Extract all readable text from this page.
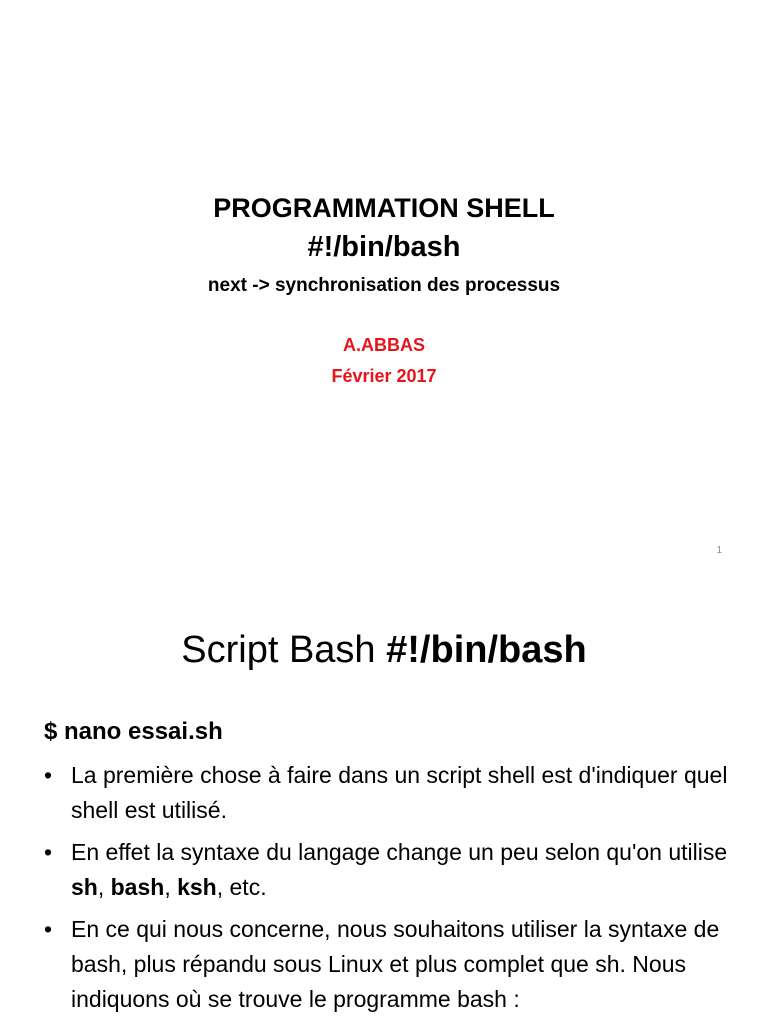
PROGRAMMATION SHELL
#!/bin/bash
next -> synchronisation des processus
A.ABBAS
Février 2017
1
Script Bash #!/bin/bash
$ nano essai.sh
• La première chose à faire dans un script shell est d'indiquer quel shell est utilisé.
• En effet la syntaxe du langage change un peu selon qu'on utilise sh, bash, ksh, etc.
• En ce qui nous concerne, nous souhaitons utiliser la syntaxe de bash, plus répandu sous Linux et plus complet que sh. Nous indiquons où se trouve le programme bash :
